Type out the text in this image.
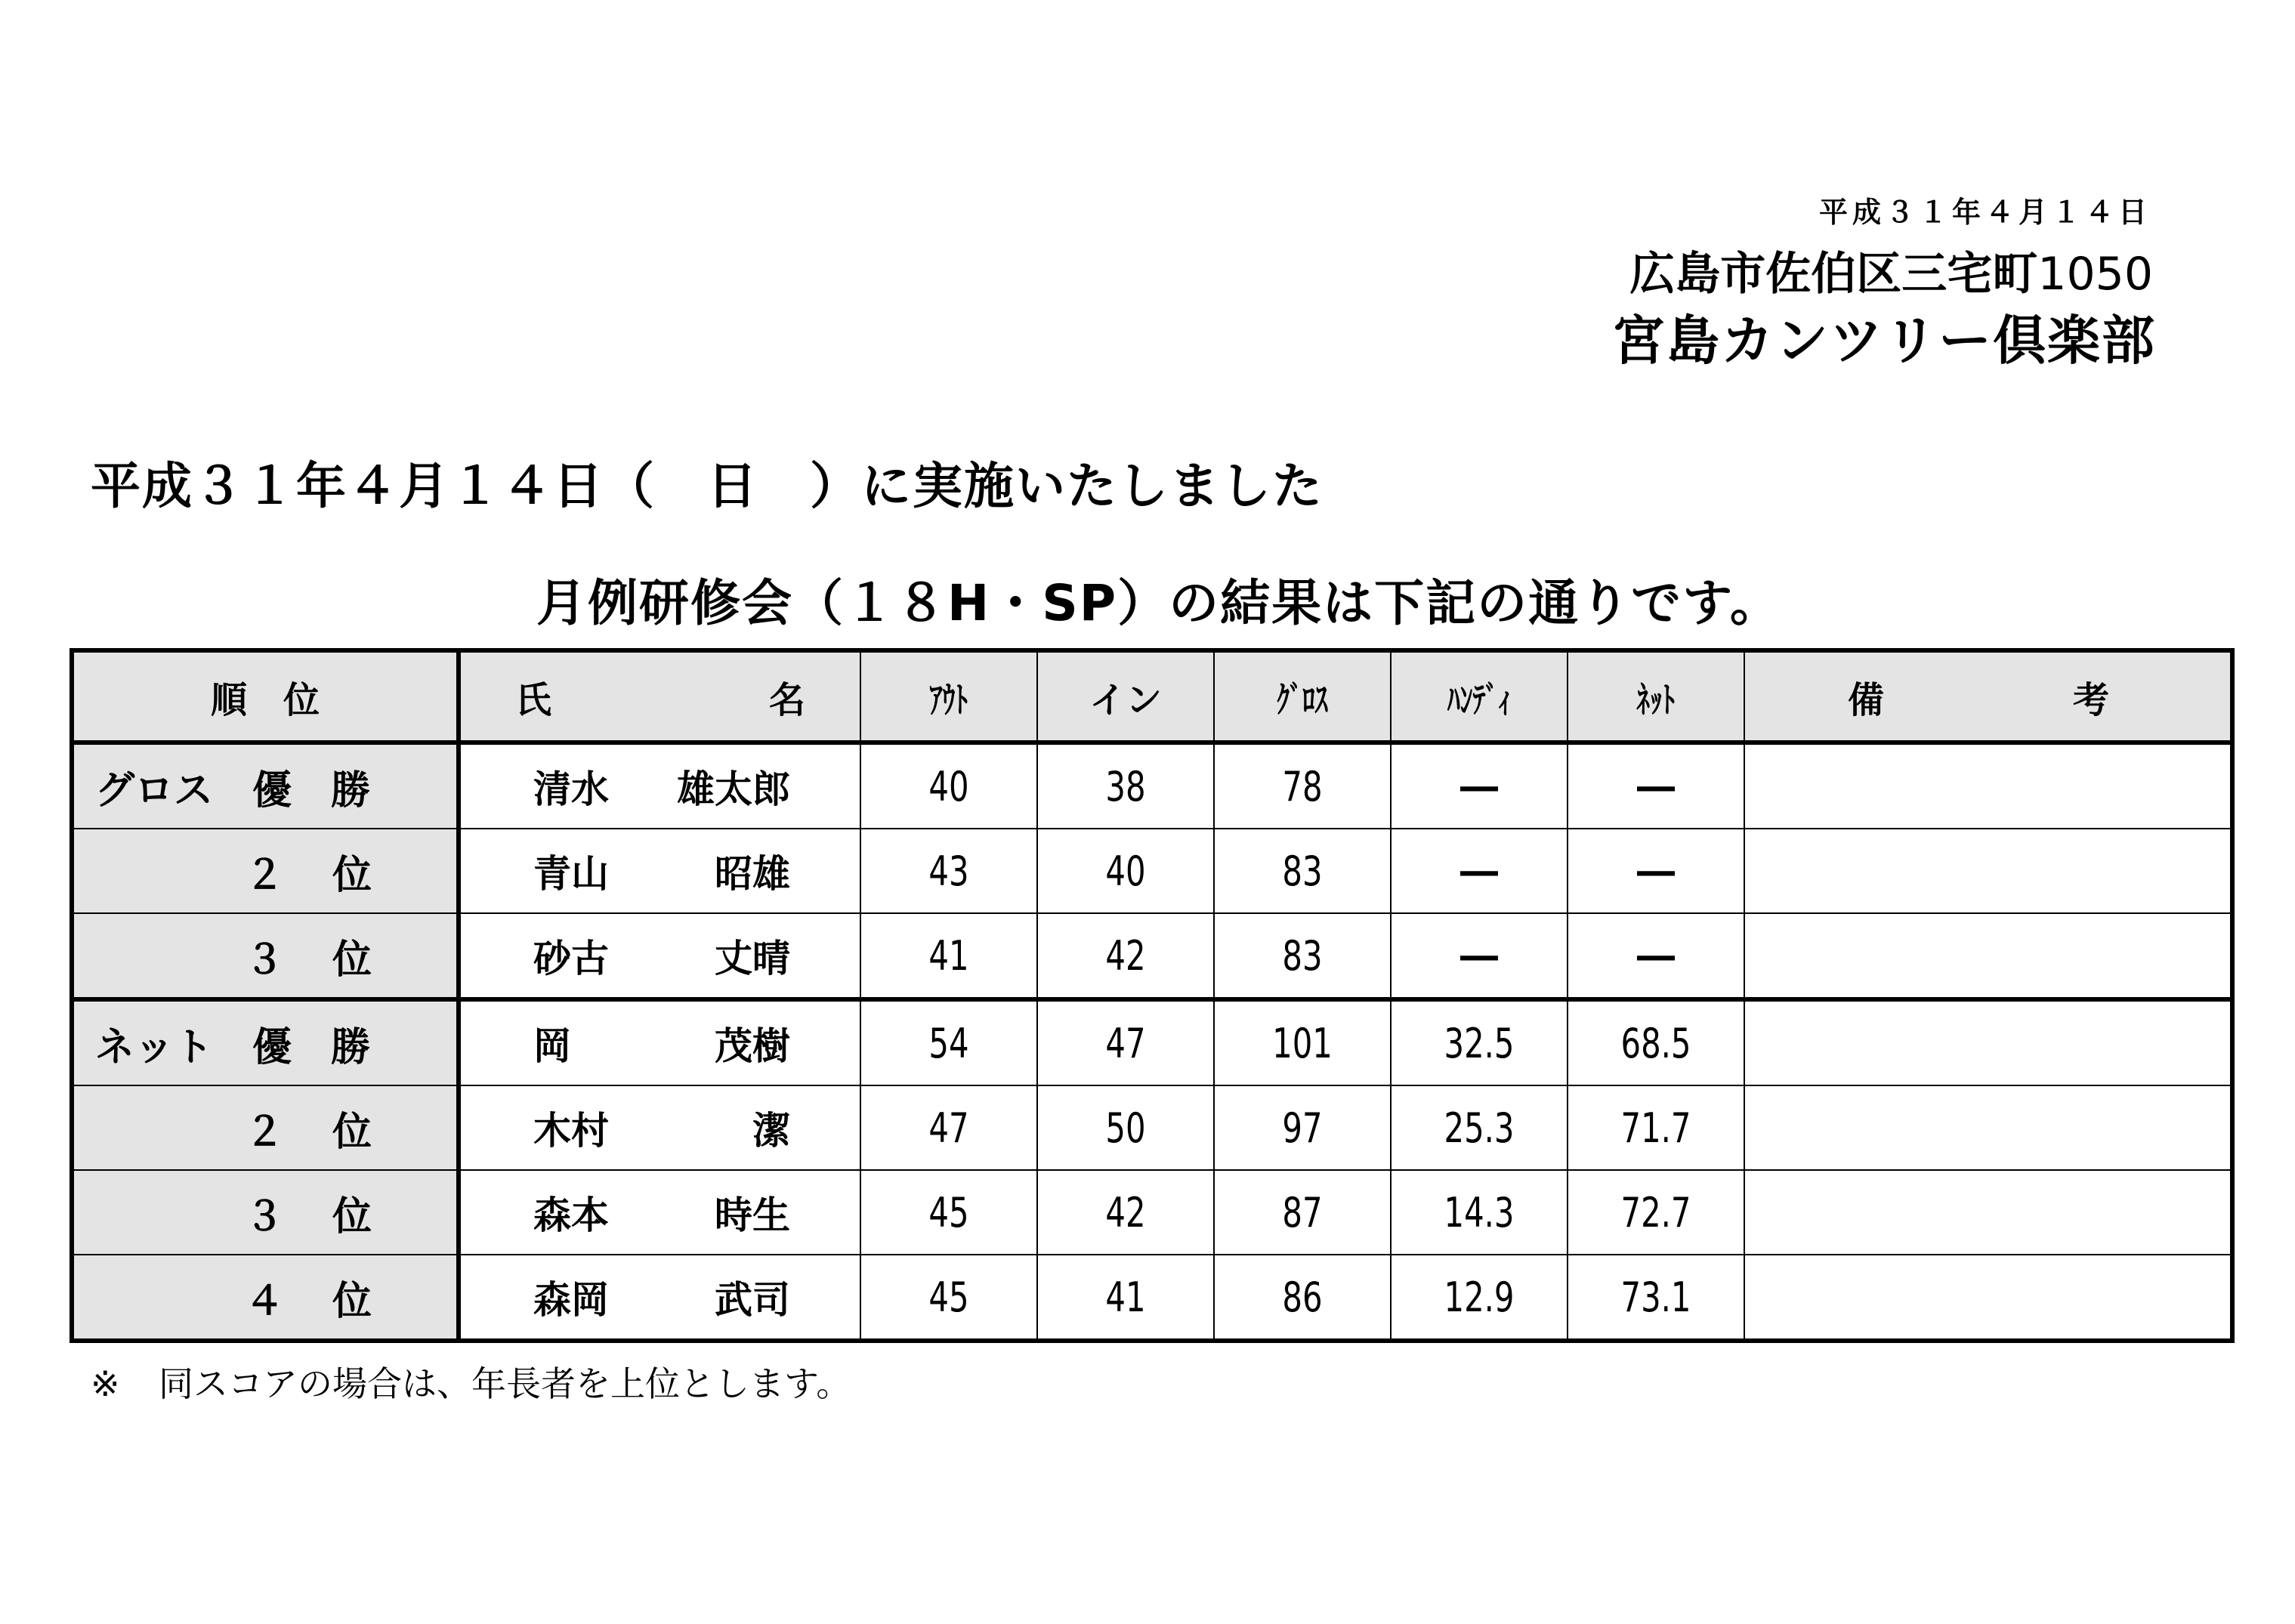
平成３１年４月１４日
広島市佐伯区三宅町1050
宮島カンツリー倶楽部
平成３１年４月１４日（　日　）に実施いたしました
月例研修会（１８H・SP）の結果は下記の通りです。
順　位	氏 名	ｱｳﾄ	イン	ｸﾞﾛｽ	ﾊﾝﾃﾞｨ	ﾈｯﾄ	備 考

グロス　優　勝	清水 雄太郎	40	38	78	―	―	
２　位	青山 昭雄	43	40	83	―	―	
３　位	砂古 丈晴	41	42	83	―	―	
ネット　優　勝	岡 茂樹	54	47	101	32.5	68.5	
２　位	木村 潔	47	50	97	25.3	71.7	
３　位	森本 時生	45	42	87	14.3	72.7	
４　位	森岡 武司	45	41	86	12.9	73.1	
※ 同スコアの場合は、年長者を上位とします。
